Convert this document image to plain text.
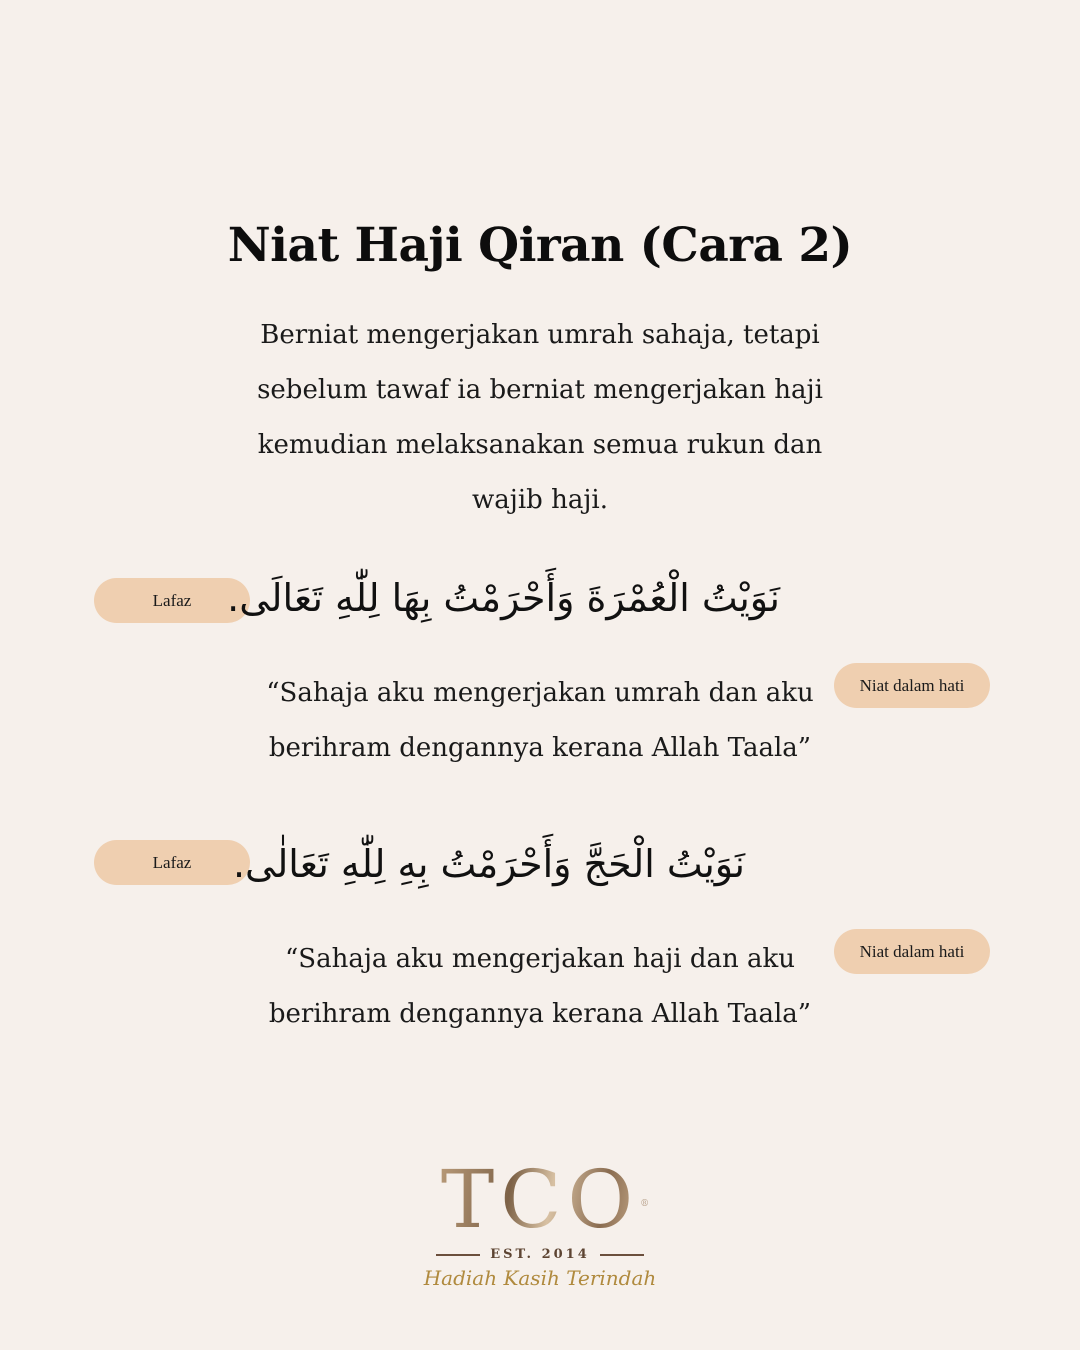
Niat Haji Qiran (Cara 2)
Berniat mengerjakan umrah sahaja, tetapi sebelum tawaf ia berniat mengerjakan haji kemudian melaksanakan semua rukun dan wajib haji.
Lafaz نَوَيْتُ الْعُمْرَةَ وَأَحْرَمْتُ بِهَا لِلّٰهِ تَعَالَى.
Niat dalam hati
“Sahaja aku mengerjakan umrah dan aku berihram dengannya kerana Allah Taala”
Lafaz	نَوَيْتُ الْحَجَّ وَأَحْرَمْتُ بِهِ لِلّٰهِ تَعَالٰى.
Niat dalam hati
“Sahaja aku mengerjakan haji dan aku berihram dengannya kerana Allah Taala”
TCO ®
EST. 2014
Hadiah Kasih Terindah
